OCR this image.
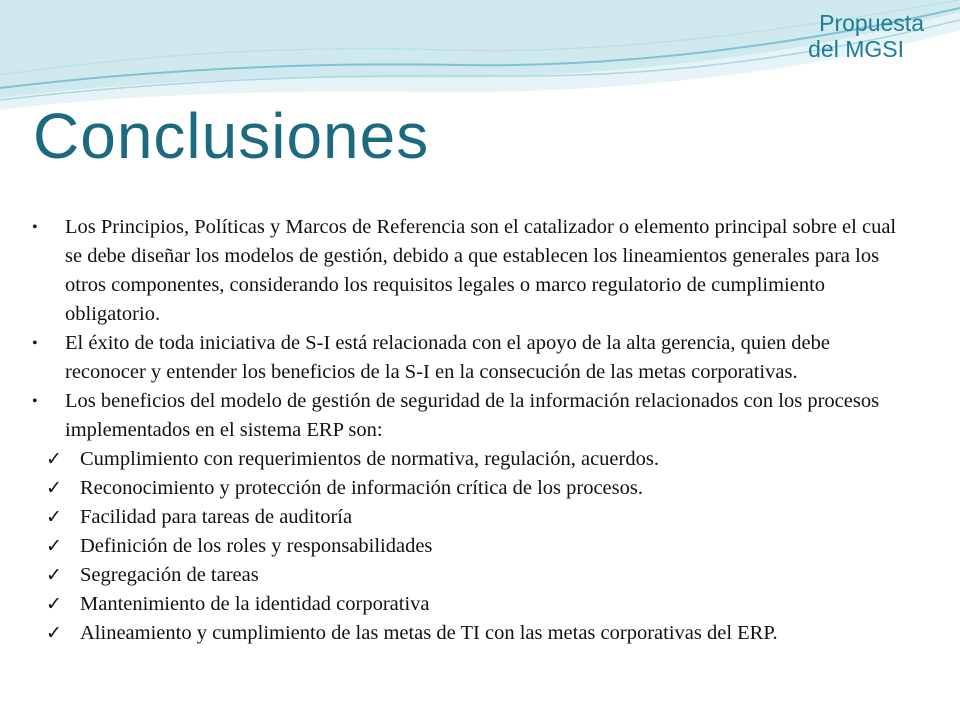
Propuesta
del MGSI
Conclusiones
• Los Principios, Políticas y Marcos de Referencia son el catalizador o elemento principal sobre el cual se debe diseñar los modelos de gestión, debido a que establecen los lineamientos generales para los otros componentes, considerando los requisitos legales o marco regulatorio de cumplimiento obligatorio.
• El éxito de toda iniciativa de S-I está relacionada con el apoyo de la alta gerencia, quien debe reconocer y entender los beneficios de la S-I en la consecución de las metas corporativas.
• Los beneficios del modelo de gestión de seguridad de la información relacionados con los procesos implementados en el sistema ERP son:
✓ Cumplimiento con requerimientos de normativa, regulación, acuerdos.
✓ Reconocimiento y protección de información crítica de los procesos.
✓ Facilidad para tareas de auditoría
✓ Definición de los roles y responsabilidades
✓ Segregación de tareas
✓ Mantenimiento de la identidad corporativa
✓ Alineamiento y cumplimiento de las metas de TI con las metas corporativas del ERP.
